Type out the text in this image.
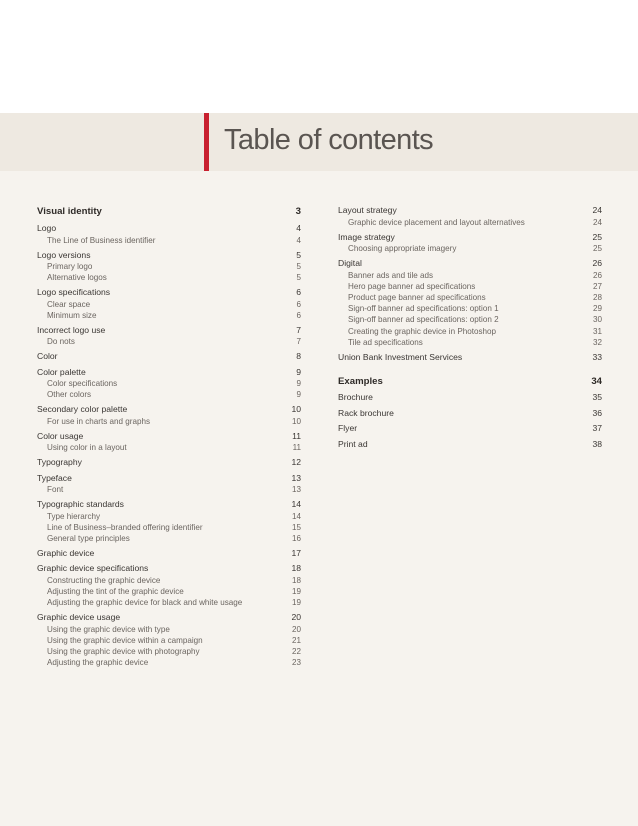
Table of contents
Visual identity	3
Logo	4
The Line of Business identifier	4
Logo versions	5
Primary logo	5
Alternative logos	5
Logo specifications	6
Clear space	6
Minimum size	6
Incorrect logo use	7
Do nots	7
Color	8
Color palette	9
Color specifications	9
Other colors	9
Secondary color palette	10
For use in charts and graphs	10
Color usage	11
Using color in a layout	11
Typography	12
Typeface	13
Font	13
Typographic standards	14
Type hierarchy	14
Line of Business–branded offering identifier	15
General type principles	16
Graphic device	17
Graphic device specifications	18
Constructing the graphic device	18
Adjusting the tint of the graphic device	19
Adjusting the graphic device for black and white usage	19
Graphic device usage	20
Using the graphic device with type	20
Using the graphic device within a campaign	21
Using the graphic device with photography	22
Adjusting the graphic device	23
Layout strategy	24
Graphic device placement and layout alternatives	24
Image strategy	25
Choosing appropriate imagery	25
Digital	26
Banner ads and tile ads	26
Hero page banner ad specifications	27
Product page banner ad specifications	28
Sign-off banner ad specifications: option 1	29
Sign-off banner ad specifications: option 2	30
Creating the graphic device in Photoshop	31
Tile ad specifications	32
Union Bank Investment Services	33
Examples	34
Brochure	35
Rack brochure	36
Flyer	37
Print ad	38
